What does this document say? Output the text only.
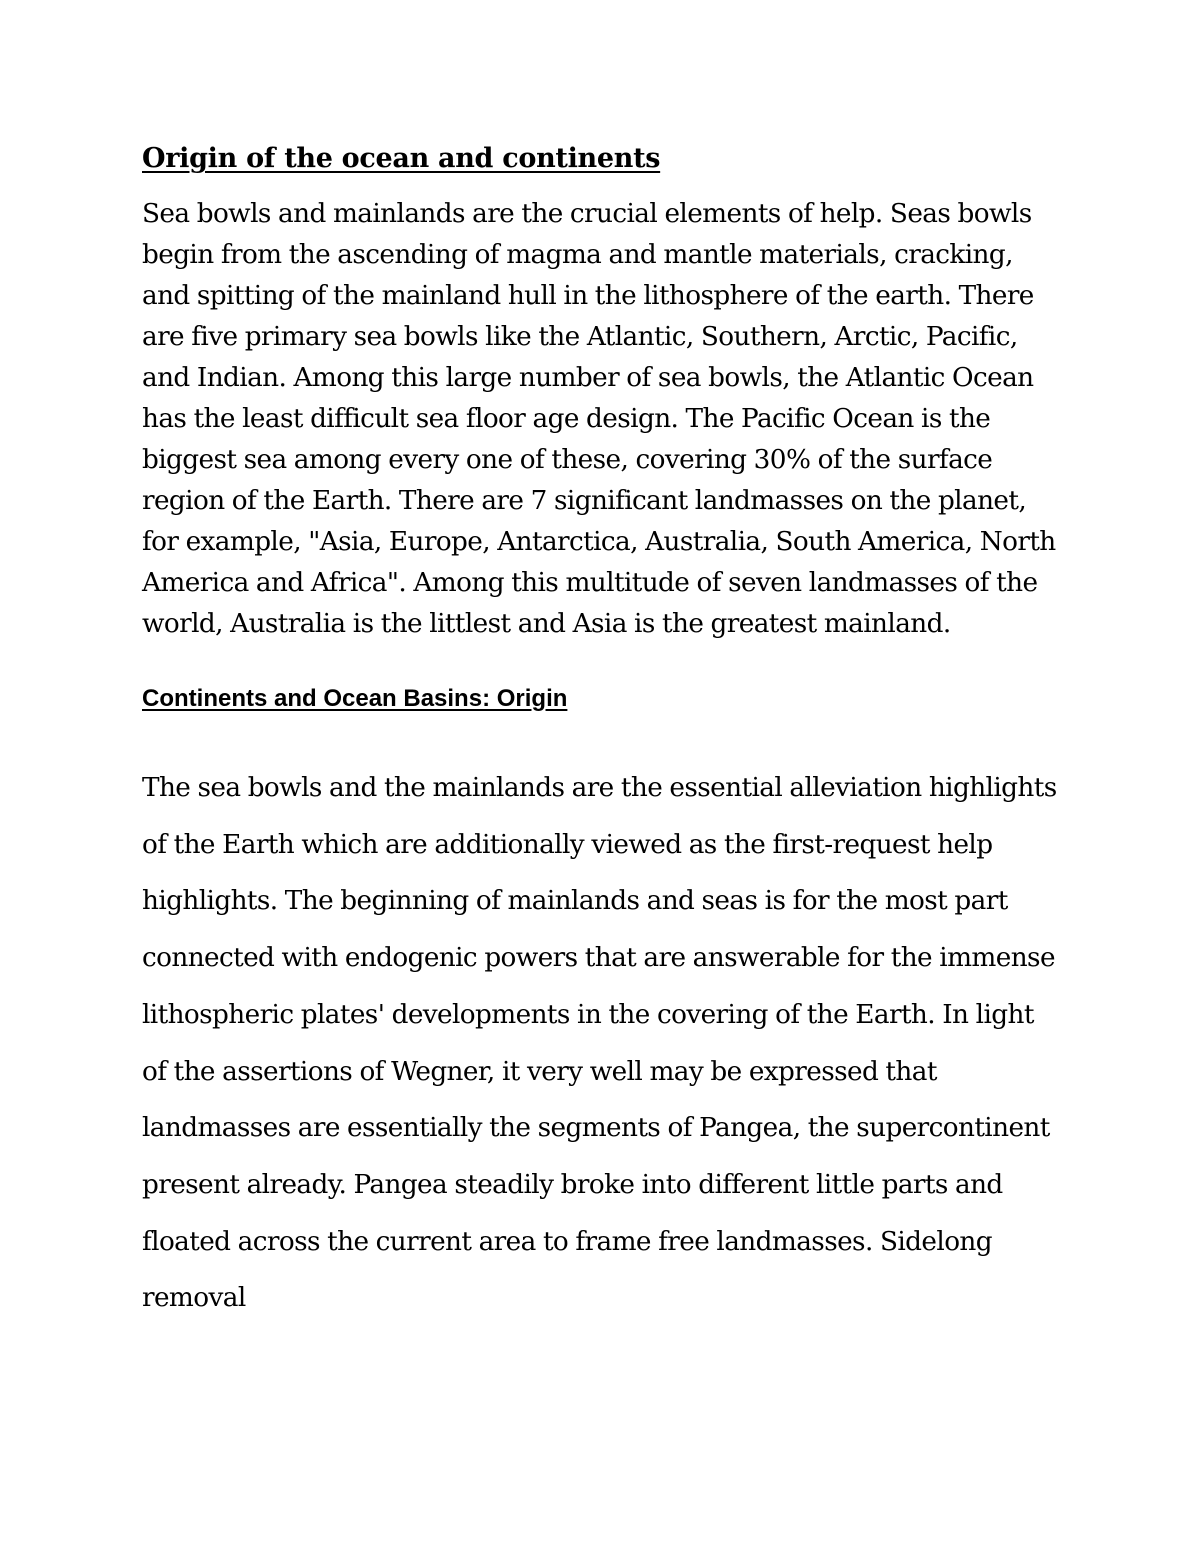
Origin of the ocean and continents

Sea bowls and mainlands are the crucial elements of help. Seas bowls begin from the ascending of magma and mantle materials, cracking, and spitting of the mainland hull in the lithosphere of the earth. There are five primary sea bowls like the Atlantic, Southern, Arctic, Pacific, and Indian. Among this large number of sea bowls, the Atlantic Ocean has the least difficult sea floor age design. The Pacific Ocean is the biggest sea among every one of these, covering 30% of the surface region of the Earth. There are 7 significant landmasses on the planet, for example, "Asia, Europe, Antarctica, Australia, South America, North America and Africa". Among this multitude of seven landmasses of the world, Australia is the littlest and Asia is the greatest mainland.

Continents and Ocean Basins: Origin

The sea bowls and the mainlands are the essential alleviation highlights of the Earth which are additionally viewed as the first-request help highlights. The beginning of mainlands and seas is for the most part connected with endogenic powers that are answerable for the immense lithospheric plates' developments in the covering of the Earth. In light of the assertions of Wegner, it very well may be expressed that landmasses are essentially the segments of Pangea, the supercontinent present already. Pangea steadily broke into different little parts and floated across the current area to frame free landmasses. Sidelong removal
